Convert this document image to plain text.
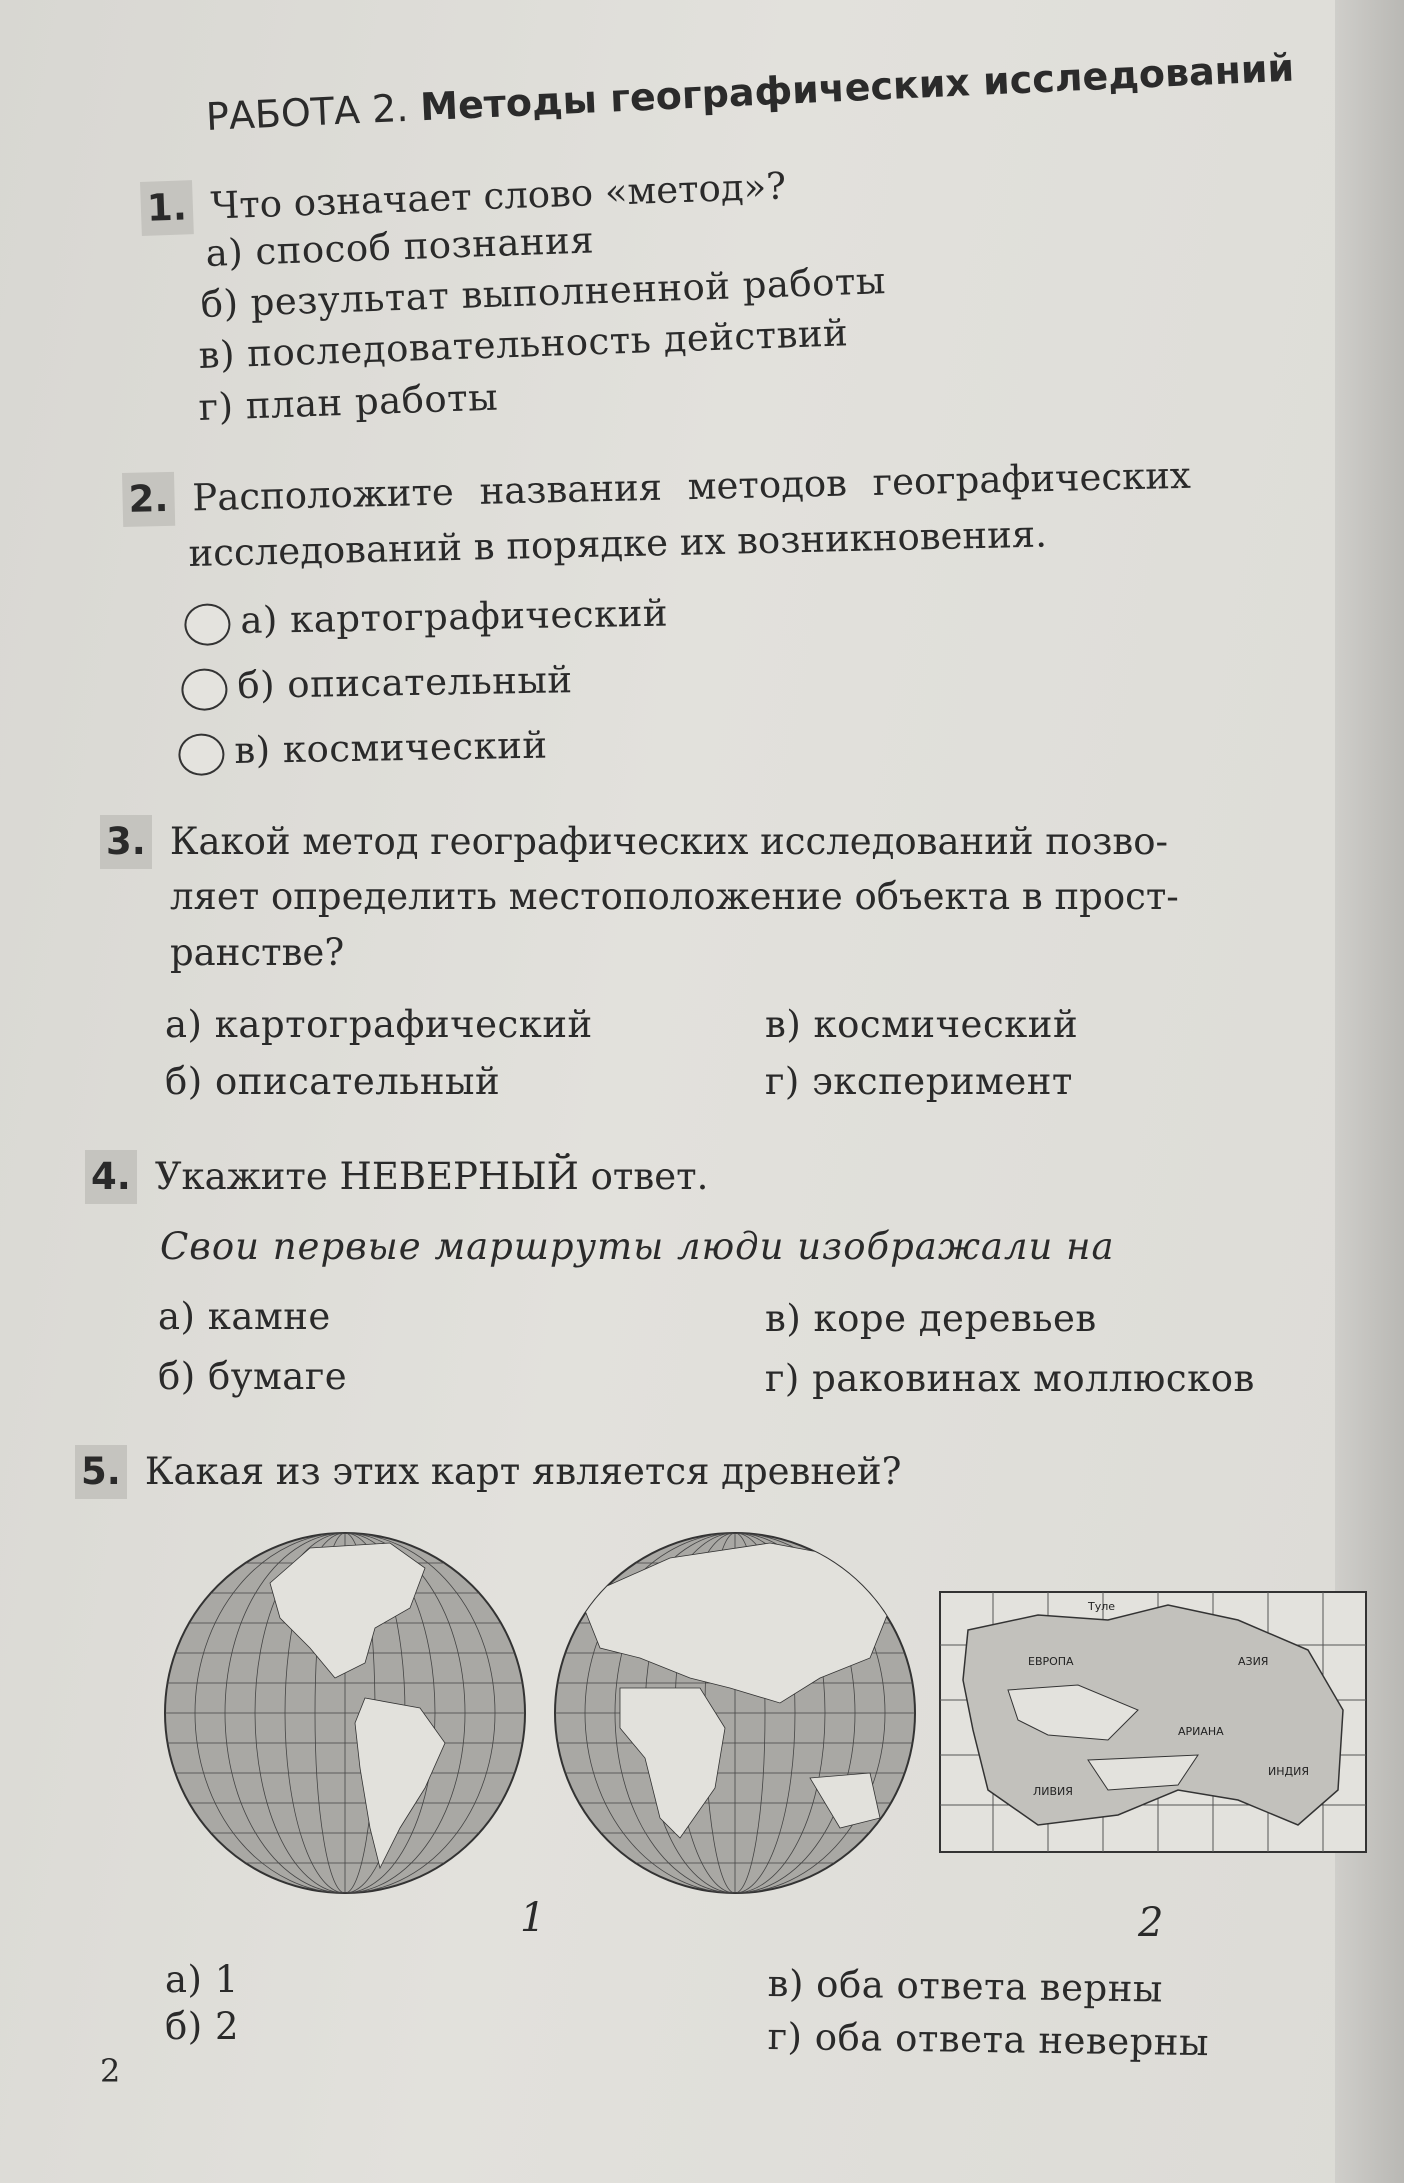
РАБОТА 2. Методы географических исследований
1. Что означает слово «метод»?
а) способ познания
б) результат выполненной работы
в) последовательность действий
г) план работы
2. Расположите названия методов географических
исследований в порядке их возникновения.
а) картографический
б) описательный
в) космический
3. Какой метод географических исследований позво-
ляет определить местоположение объекта в прост-
ранстве?
а) картографический
б) описательный
в) космический
г) эксперимент
4. Укажите НЕВЕРНЫЙ ответ.
Свои первые маршруты люди изображали на
а) камне
б) бумаге
в) коре деревьев
г) раковинах моллюсков
5. Какая из этих карт является древней?
Туле
ЕВРОПА	АЗИЯ
АРИАНА
ИНДИЯ
ЛИВИЯ
1	2
а) 1
б) 2
в) оба ответа верны
г) оба ответа неверны
2
